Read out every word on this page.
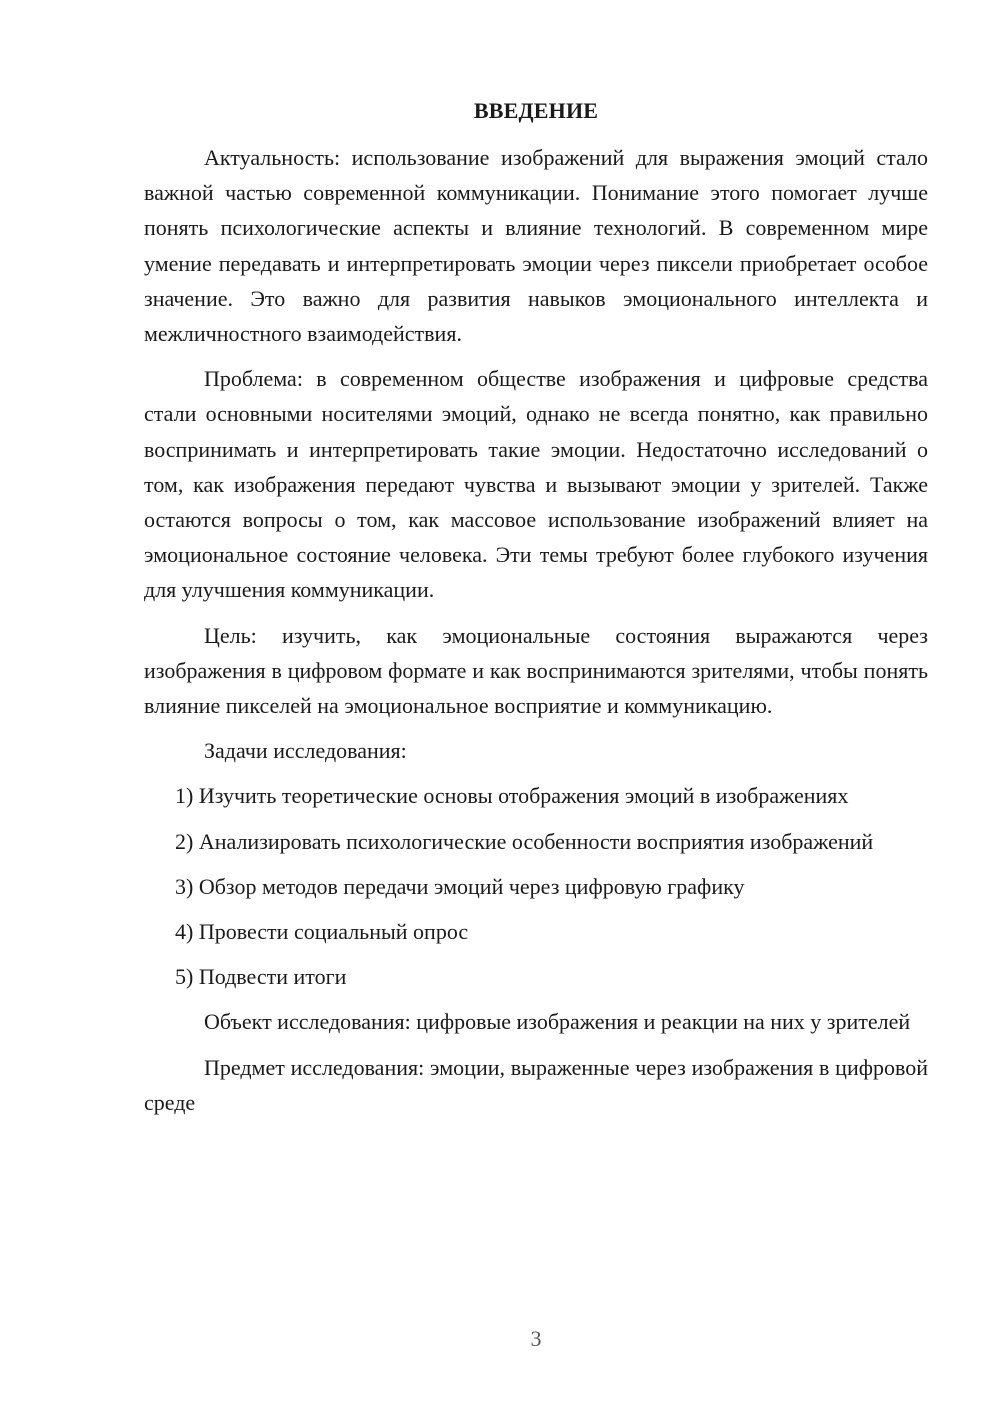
ВВЕДЕНИЕ

Актуальность: использование изображений для выражения эмоций стало важной частью современной коммуникации. Понимание этого помогает лучше понять психологические аспекты и влияние технологий. В современном мире умение передавать и интерпретировать эмоции через пиксели приобретает особое значение. Это важно для развития навыков эмоционального интеллекта и межличностного взаимодействия.

Проблема: в современном обществе изображения и цифровые средства стали основными носителями эмоций, однако не всегда понятно, как правильно воспринимать и интерпретировать такие эмоции. Недостаточно исследований о том, как изображения передают чувства и вызывают эмоции у зрителей. Также остаются вопросы о том, как массовое использование изображений влияет на эмоциональное состояние человека. Эти темы требуют более глубокого изучения для улучшения коммуникации.

Цель: изучить, как эмоциональные состояния выражаются через изображения в цифровом формате и как воспринимаются зрителями, чтобы понять влияние пикселей на эмоциональное восприятие и коммуникацию.

Задачи исследования:

1) Изучить теоретические основы отображения эмоций в изображениях

2) Анализировать психологические особенности восприятия изображений

3) Обзор методов передачи эмоций через цифровую графику

4) Провести социальный опрос

5) Подвести итоги

Объект исследования: цифровые изображения и реакции на них у зрителей

Предмет исследования: эмоции, выраженные через изображения в цифровой среде

3
